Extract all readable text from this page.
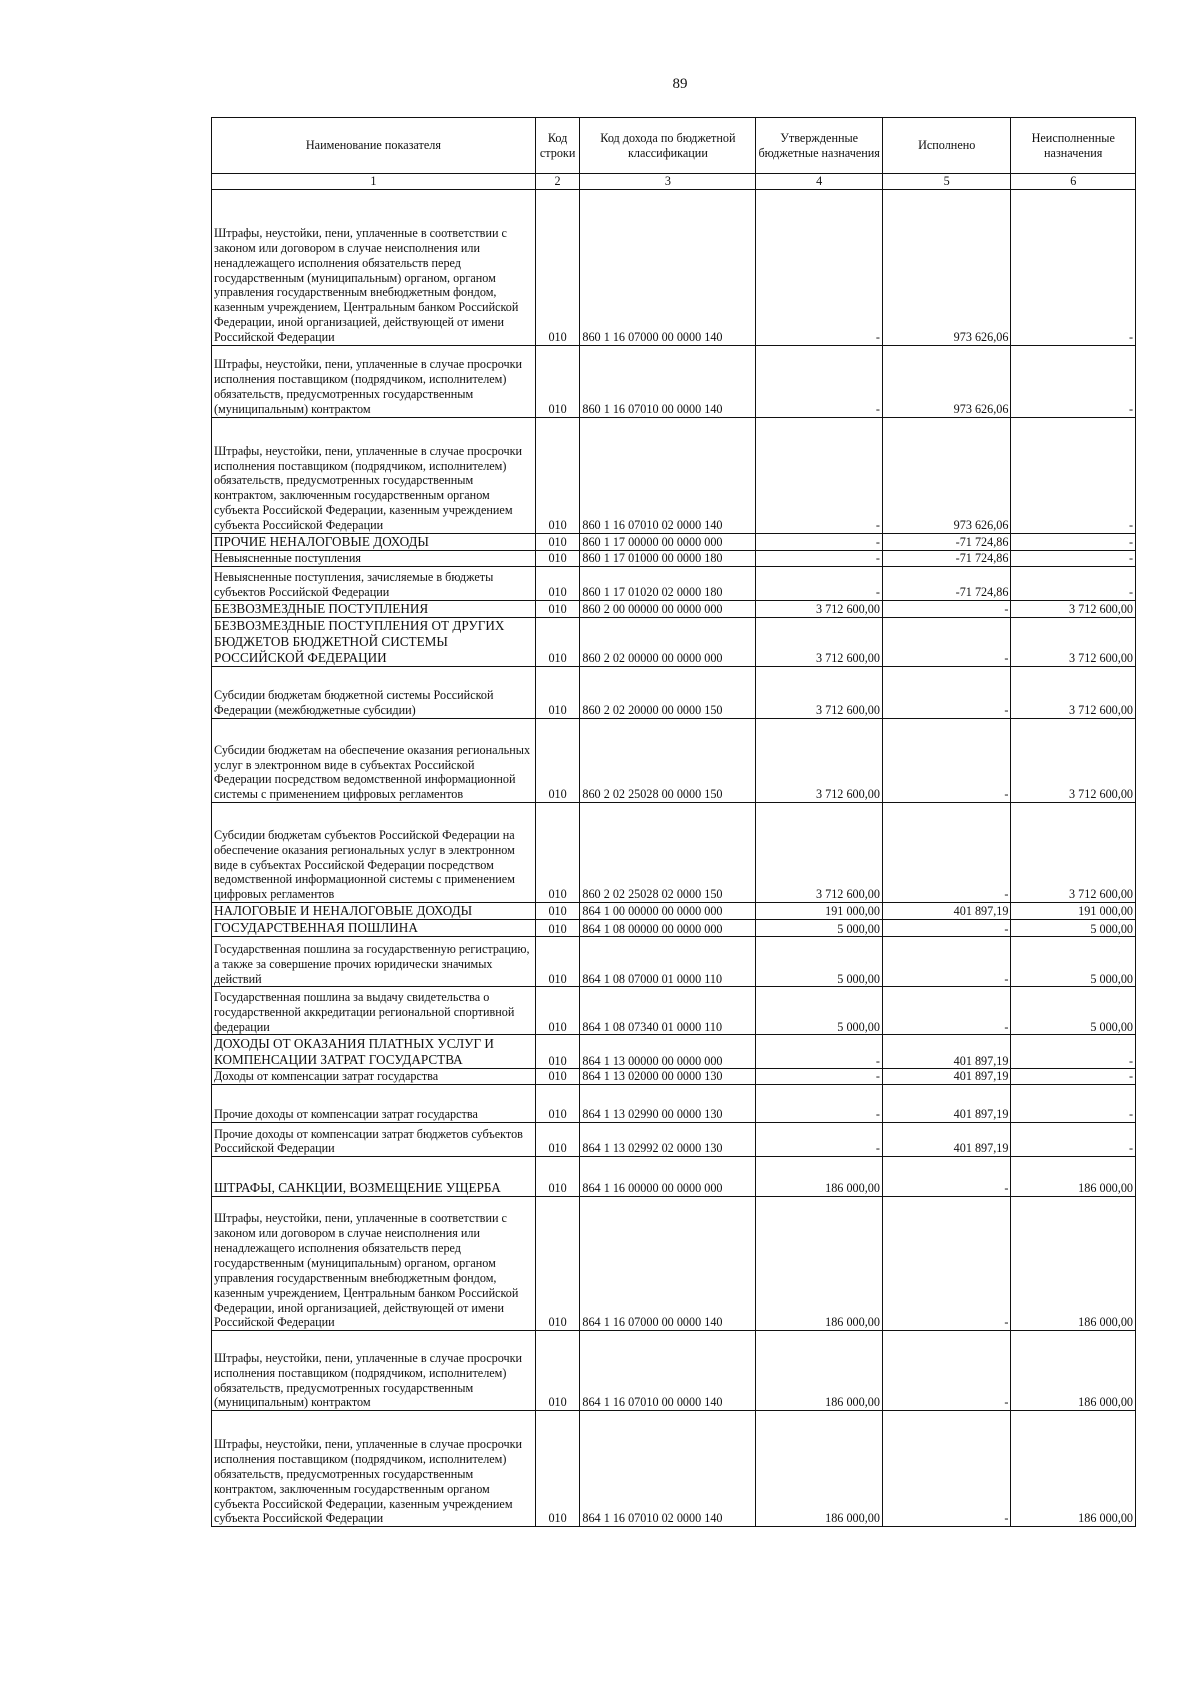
89
Наименование показателя	Код строки	Код дохода по бюджетной классификации	Утвержденные бюджетные назначения	Исполнено	Неисполненные назначения
1	2	3	4	5	6
Штрафы, неустойки, пени, уплаченные в соответствии с законом или договором в случае неисполнения или ненадлежащего исполнения обязательств перед государственным (муниципальным) органом, органом управления государственным внебюджетным фондом, казенным учреждением, Центральным банком Российской Федерации, иной организацией, действующей от имени Российской Федерации	010	860 1 16 07000 00 0000 140	-	973 626,06	-
Штрафы, неустойки, пени, уплаченные в случае просрочки исполнения поставщиком (подрядчиком, исполнителем) обязательств, предусмотренных государственным (муниципальным) контрактом	010	860 1 16 07010 00 0000 140	-	973 626,06	-
Штрафы, неустойки, пени, уплаченные в случае просрочки исполнения поставщиком (подрядчиком, исполнителем) обязательств, предусмотренных государственным контрактом, заключенным государственным органом субъекта Российской Федерации, казенным учреждением субъекта Российской Федерации	010	860 1 16 07010 02 0000 140	-	973 626,06	-
ПРОЧИЕ НЕНАЛОГОВЫЕ ДОХОДЫ	010	860 1 17 00000 00 0000 000	-	-71 724,86	-
Невыясненные поступления	010	860 1 17 01000 00 0000 180	-	-71 724,86	-
Невыясненные поступления, зачисляемые в бюджеты субъектов Российской Федерации	010	860 1 17 01020 02 0000 180	-	-71 724,86	-
БЕЗВОЗМЕЗДНЫЕ ПОСТУПЛЕНИЯ	010	860 2 00 00000 00 0000 000	3 712 600,00	-	3 712 600,00
БЕЗВОЗМЕЗДНЫЕ ПОСТУПЛЕНИЯ ОТ ДРУГИХ БЮДЖЕТОВ БЮДЖЕТНОЙ СИСТЕМЫ РОССИЙСКОЙ ФЕДЕРАЦИИ	010	860 2 02 00000 00 0000 000	3 712 600,00	-	3 712 600,00
Субсидии бюджетам бюджетной системы Российской Федерации (межбюджетные субсидии)	010	860 2 02 20000 00 0000 150	3 712 600,00	-	3 712 600,00
Субсидии бюджетам на обеспечение оказания региональных услуг в электронном виде в субъектах Российской Федерации посредством ведомственной информационной системы с применением цифровых регламентов	010	860 2 02 25028 00 0000 150	3 712 600,00	-	3 712 600,00
Субсидии бюджетам субъектов Российской Федерации на обеспечение оказания региональных услуг в электронном виде в субъектах Российской Федерации посредством ведомственной информационной системы с применением цифровых регламентов	010	860 2 02 25028 02 0000 150	3 712 600,00	-	3 712 600,00
НАЛОГОВЫЕ И НЕНАЛОГОВЫЕ ДОХОДЫ	010	864 1 00 00000 00 0000 000	191 000,00	401 897,19	191 000,00
ГОСУДАРСТВЕННАЯ ПОШЛИНА	010	864 1 08 00000 00 0000 000	5 000,00	-	5 000,00
Государственная пошлина за государственную регистрацию, а также за совершение прочих юридически значимых действий	010	864 1 08 07000 01 0000 110	5 000,00	-	5 000,00
Государственная пошлина за выдачу свидетельства о государственной аккредитации региональной спортивной федерации	010	864 1 08 07340 01 0000 110	5 000,00	-	5 000,00
ДОХОДЫ ОТ ОКАЗАНИЯ ПЛАТНЫХ УСЛУГ И КОМПЕНСАЦИИ ЗАТРАТ ГОСУДАРСТВА	010	864 1 13 00000 00 0000 000	-	401 897,19	-
Доходы от компенсации затрат государства	010	864 1 13 02000 00 0000 130	-	401 897,19	-
Прочие доходы от компенсации затрат государства	010	864 1 13 02990 00 0000 130	-	401 897,19	-
Прочие доходы от компенсации затрат бюджетов субъектов Российской Федерации	010	864 1 13 02992 02 0000 130	-	401 897,19	-
ШТРАФЫ, САНКЦИИ, ВОЗМЕЩЕНИЕ УЩЕРБА	010	864 1 16 00000 00 0000 000	186 000,00	-	186 000,00
Штрафы, неустойки, пени, уплаченные в соответствии с законом или договором в случае неисполнения или ненадлежащего исполнения обязательств перед государственным (муниципальным) органом, органом управления государственным внебюджетным фондом, казенным учреждением, Центральным банком Российской Федерации, иной организацией, действующей от имени Российской Федерации	010	864 1 16 07000 00 0000 140	186 000,00	-	186 000,00
Штрафы, неустойки, пени, уплаченные в случае просрочки исполнения поставщиком (подрядчиком, исполнителем) обязательств, предусмотренных государственным (муниципальным) контрактом	010	864 1 16 07010 00 0000 140	186 000,00	-	186 000,00
Штрафы, неустойки, пени, уплаченные в случае просрочки исполнения поставщиком (подрядчиком, исполнителем) обязательств, предусмотренных государственным контрактом, заключенным государственным органом субъекта Российской Федерации, казенным учреждением субъекта Российской Федерации	010	864 1 16 07010 02 0000 140	186 000,00	-	186 000,00
